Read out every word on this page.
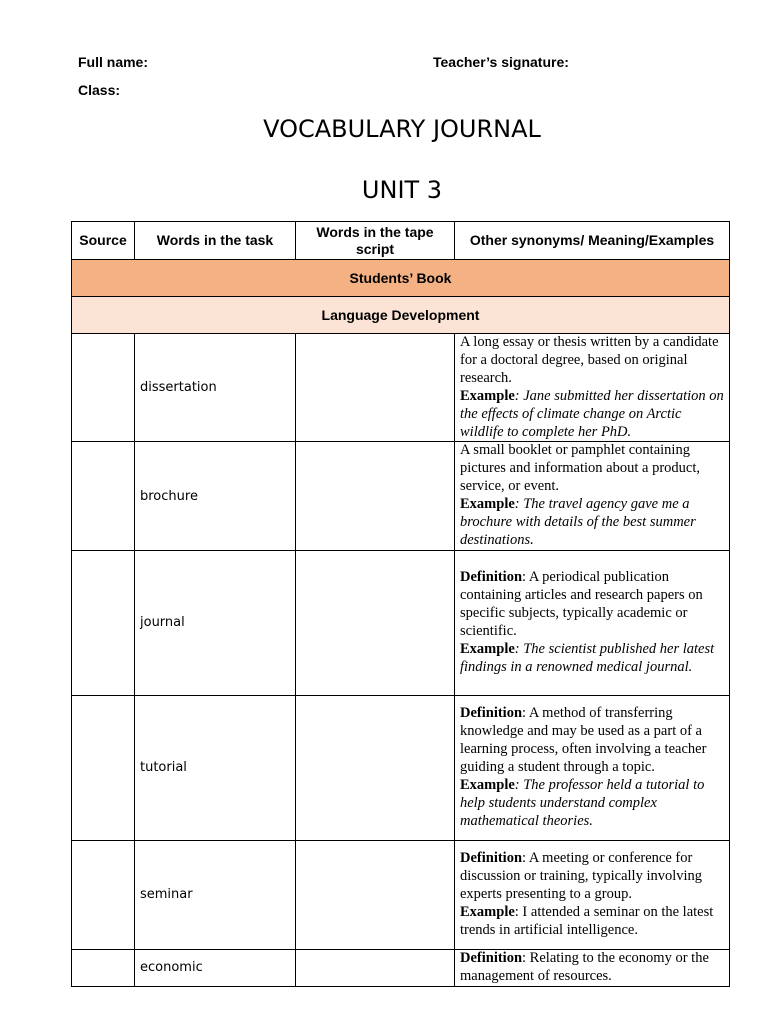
Full name:	Teacher’s signature:
Class:
VOCABULARY JOURNAL
UNIT 3
Source	Words in the task	Words in the tape script	Other synonyms/ Meaning/Examples
Students’ Book			
Language Development			
	dissertation		A long essay or thesis written by a candidate for a doctoral degree, based on original research.
Example: Jane submitted her dissertation on the effects of climate change on Arctic wildlife to complete her PhD.
	brochure		A small booklet or pamphlet containing pictures and information about a product, service, or event.
Example: The travel agency gave me a brochure with details of the best summer destinations.
	journal		Definition: A periodical publication containing articles and research papers on specific subjects, typically academic or scientific.
Example: The scientist published her latest findings in a renowned medical journal.
	tutorial		Definition: A method of transferring knowledge and may be used as a part of a learning process, often involving a teacher guiding a student through a topic.
Example: The professor held a tutorial to help students understand complex mathematical theories.
	seminar		Definition: A meeting or conference for discussion or training, typically involving experts presenting to a group.
Example: I attended a seminar on the latest trends in artificial intelligence.
	economic		Definition: Relating to the economy or the management of resources.
